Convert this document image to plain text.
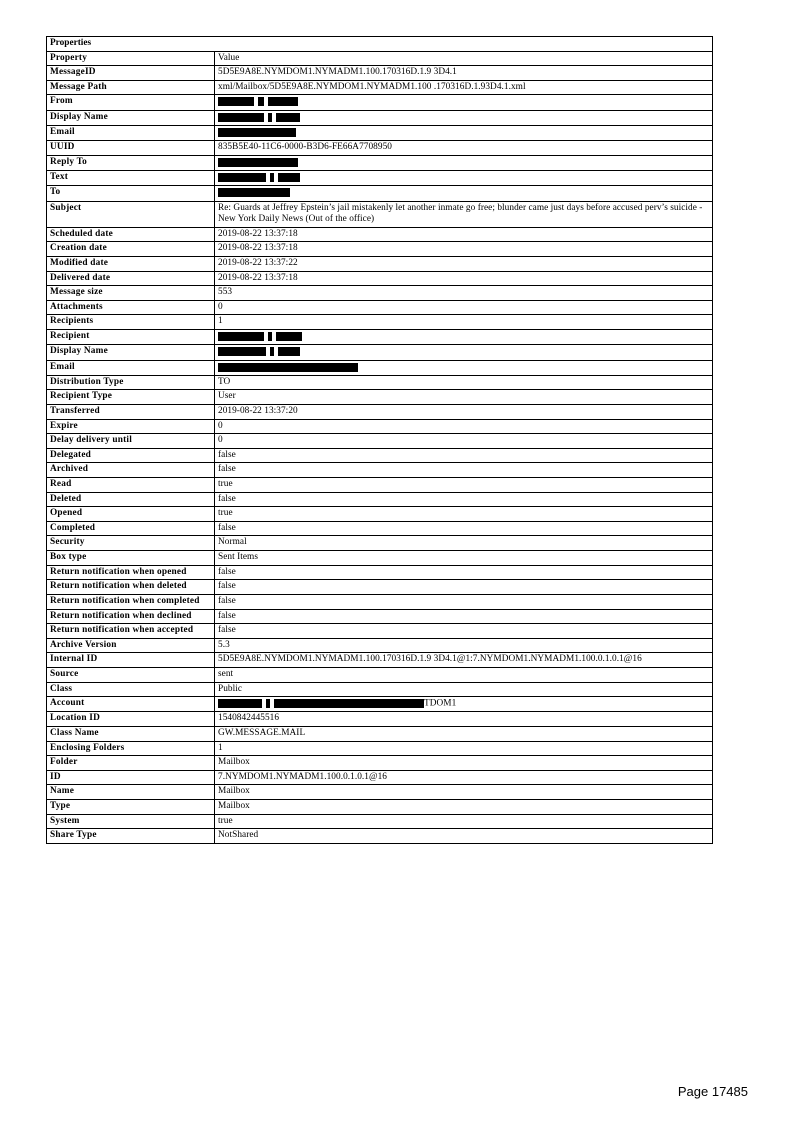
Properties	
Property	Value
MessageID	5D5E9A8E.NYMDOM1.NYMADM1.100.170316D.1.9 3D4.1
Message Path	xml/Mailbox/5D5E9A8E.NYMDOM1.NYMADM1.100 .170316D.1.93D4.1.xml
From	
Display Name	
Email	
UUID	835B5E40-11C6-0000-B3D6-FE66A7708950
Reply To	
Text	
To	
Subject	Re: Guards at Jeffrey Epstein’s jail mistakenly let another inmate go free; blunder came just days before accused perv’s suicide - New York Daily News (Out of the office)
Scheduled date	2019-08-22 13:37:18
Creation date	2019-08-22 13:37:18
Modified date	2019-08-22 13:37:22
Delivered date	2019-08-22 13:37:18
Message size	553
Attachments	0
Recipients	1
Recipient	
Display Name	
Email	
Distribution Type	TO
Recipient Type	User
Transferred	2019-08-22 13:37:20
Expire	0
Delay delivery until	0
Delegated	false
Archived	false
Read	true
Deleted	false
Opened	true
Completed	false
Security	Normal
Box type	Sent Items
Return notification when opened	false
Return notification when deleted	false
Return notification when completed	false
Return notification when declined	false
Return notification when accepted	false
Archive Version	5.3
Internal ID	5D5E9A8E.NYMDOM1.NYMADM1.100.170316D.1.9 3D4.1@1:7.NYMDOM1.NYMADM1.100.0.1.0.1@16
Source	sent
Class	Public
Account	TDOM1
Location ID	1540842445516
Class Name	GW.MESSAGE.MAIL
Enclosing Folders	1
Folder	Mailbox
ID	7.NYMDOM1.NYMADM1.100.0.1.0.1@16
Name	Mailbox
Type	Mailbox
System	true
Share Type	NotShared
Page 17485
